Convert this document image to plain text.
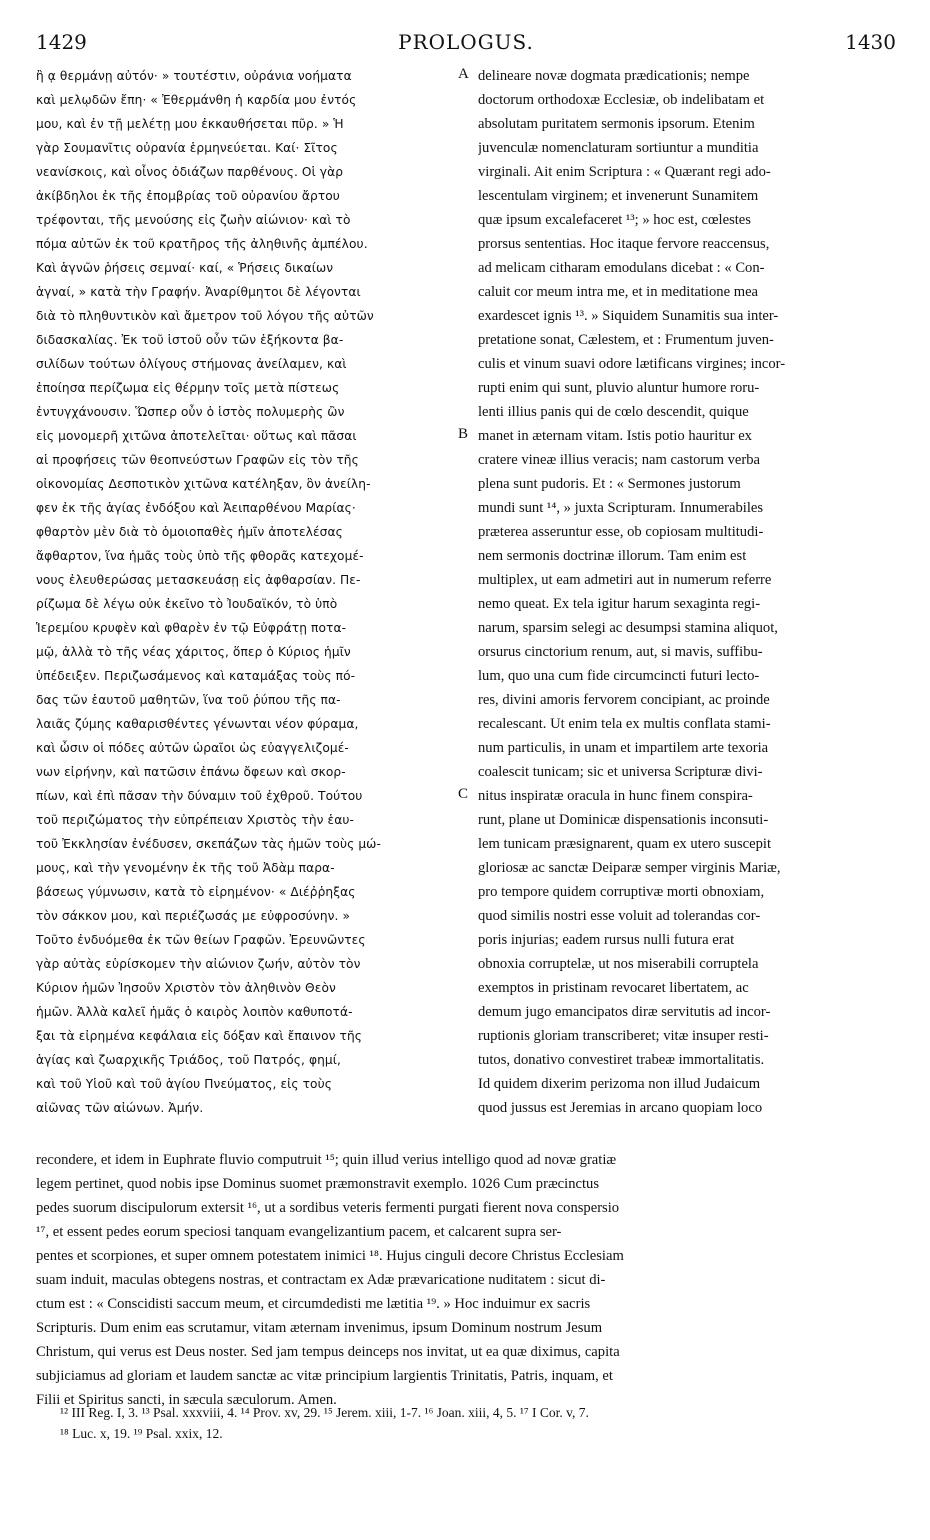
1429	PROLOGUS.	1430
ἢ ᾳ θερμάνῃ αὐτόν· » τουτέστιν, οὐράνια νοήματα
καὶ μελῳδῶν ἔπη· « Ἐθερμάνθη ἡ καρδία μου ἐντός
μου, καὶ ἐν τῇ μελέτῃ μου ἐκκαυθήσεται πῦρ. » Ἡ
γὰρ Σουμανῖτις οὐρανία ἑρμηνεύεται. Καί· Σῖτος
νεανίσκοις, καὶ οἶνος ὀδιάζων παρθένους. Οἱ γὰρ
ἀκίβδηλοι ἐκ τῆς ἐπομβρίας τοῦ οὐρανίου ἄρτου
τρέφονται, τῆς μενούσης εἰς ζωὴν αἰώνιον· καὶ τὸ
πόμα αὐτῶν ἐκ τοῦ κρατῆρος τῆς ἀληθινῆς ἀμπέλου.
Καὶ ἁγνῶν ῥήσεις σεμναί· καί, « Ῥήσεις δικαίων
ἁγναί, » κατὰ τὴν Γραφήν. Ἀναρίθμητοι δὲ λέγονται
διὰ τὸ πληθυντικὸν καὶ ἄμετρον τοῦ λόγου τῆς αὐτῶν
διδασκαλίας. Ἐκ τοῦ ἱστοῦ οὖν τῶν ἑξήκοντα βα-
σιλίδων τούτων ὀλίγους στήμονας ἀνείλαμεν, καὶ
ἐποίησα περίζωμα εἰς θέρμην τοῖς μετὰ πίστεως
ἐντυγχάνουσιν. Ὥσπερ οὖν ὁ ἱστὸς πολυμερὴς ὢν
εἰς μονομερῆ χιτῶνα ἀποτελεῖται· οὕτως καὶ πᾶσαι
αἱ προφήσεις τῶν θεοπνεύστων Γραφῶν εἰς τὸν τῆς
οἰκονομίας Δεσποτικὸν χιτῶνα κατέληξαν, ὃν ἀνείλη-
φεν ἐκ τῆς ἁγίας ἐνδόξου καὶ Ἀειπαρθένου Μαρίας·
φθαρτὸν μὲν διὰ τὸ ὁμοιοπαθὲς ἡμῖν ἀποτελέσας
ἄφθαρτον, ἵνα ἡμᾶς τοὺς ὑπὸ τῆς φθορᾶς κατεχομέ-
νους ἐλευθερώσας μετασκευάσῃ εἰς ἀφθαρσίαν. Πε-
ρίζωμα δὲ λέγω οὐκ ἐκεῖνο τὸ Ἰουδαϊκόν, τὸ ὑπὸ
Ἱερεμίου κρυφὲν καὶ φθαρὲν ἐν τῷ Εὐφράτῃ ποτα-
μῷ, ἀλλὰ τὸ τῆς νέας χάριτος, ὅπερ ὁ Κύριος ἡμῖν
ὑπέδειξεν. Περιζωσάμενος καὶ καταμάξας τοὺς πό-
δας τῶν ἑαυτοῦ μαθητῶν, ἵνα τοῦ ῥύπου τῆς πα-
λαιᾶς ζύμης καθαρισθέντες γένωνται νέον φύραμα,
καὶ ὦσιν οἱ πόδες αὐτῶν ὡραῖοι ὡς εὐαγγελιζομέ-
νων εἰρήνην, καὶ πατῶσιν ἐπάνω ὄφεων καὶ σκορ-
πίων, καὶ ἐπὶ πᾶσαν τὴν δύναμιν τοῦ ἐχθροῦ. Τούτου
τοῦ περιζώματος τὴν εὐπρέπειαν Χριστὸς τὴν ἑαυ-
τοῦ Ἐκκλησίαν ἐνέδυσεν, σκεπάζων τὰς ἡμῶν τοὺς μώ-
μους, καὶ τὴν γενομένην ἐκ τῆς τοῦ Ἀδὰμ παρα-
βάσεως γύμνωσιν, κατὰ τὸ εἰρημένον· « Διέῤῥηξας
τὸν σάκκον μου, καὶ περιέζωσάς με εὐφροσύνην. »
Τοῦτο ἐνδυόμεθα ἐκ τῶν θείων Γραφῶν. Ἐρευνῶντες
γὰρ αὐτὰς εὑρίσκομεν τὴν αἰώνιον ζωήν, αὐτὸν τὸν
Κύριον ἡμῶν Ἰησοῦν Χριστὸν τὸν ἀληθινὸν Θεὸν
ἡμῶν. Ἀλλὰ καλεῖ ἡμᾶς ὁ καιρὸς λοιπὸν καθυποτά-
ξαι τὰ εἰρημένα κεφάλαια εἰς δόξαν καὶ ἔπαινον τῆς
ἁγίας καὶ ζωαρχικῆς Τριάδος, τοῦ Πατρός, φημί,
καὶ τοῦ Υἱοῦ καὶ τοῦ ἁγίου Πνεύματος, εἰς τοὺς
αἰῶνας τῶν αἰώνων. Ἀμήν.
delineare novæ dogmata prædicationis; nempe
doctorum orthodoxæ Ecclesiæ, ob indelibatam et
absolutam puritatem sermonis ipsorum. Etenim
juvenculæ nomenclaturam sortiuntur a munditia
virginali. Ait enim Scriptura : « Quærant regi ado-
lescentulam virginem; et invenerunt Sunamitem
quæ ipsum excalefaceret ¹³; » hoc est, cœlestes
prorsus sententias. Hoc itaque fervore reaccensus,
ad melicam citharam emodulans dicebat : « Con-
caluit cor meum intra me, et in meditatione mea
exardescet ignis ¹³. » Siquidem Sunamitis sua inter-
pretatione sonat, Cælestem, et : Frumentum juven-
culis et vinum suavi odore lætificans virgines; incor-
rupti enim qui sunt, pluvio aluntur humore roru-
lenti illius panis qui de cœlo descendit, quique
manet in æternam vitam. Istis potio hauritur ex
cratere vineæ illius veracis; nam castorum verba
plena sunt pudoris. Et : « Sermones justorum
mundi sunt ¹⁴, » juxta Scripturam. Innumerabiles
præterea asseruntur esse, ob copiosam multitudi-
nem sermonis doctrinæ illorum. Tam enim est
multiplex, ut eam admetiri aut in numerum referre
nemo queat. Ex tela igitur harum sexaginta regi-
narum, sparsim selegi ac desumpsi stamina aliquot,
orsurus cinctorium renum, aut, si mavis, suffibu-
lum, quo una cum fide circumcincti futuri lecto-
res, divini amoris fervorem concipiant, ac proinde
recalescant. Ut enim tela ex multis conflata stami-
num particulis, in unam et impartilem arte texoria
coalescit tunicam; sic et universa Scripturæ divi-
nitus inspiratæ oracula in hunc finem conspira-
runt, plane ut Dominicæ dispensationis inconsuti-
lem tunicam præsignarent, quam ex utero suscepit
gloriosæ ac sanctæ Deiparæ semper virginis Mariæ,
pro tempore quidem corruptivæ morti obnoxiam,
quod similis nostri esse voluit ad tolerandas cor-
poris injurias; eadem rursus nulli futura erat
obnoxia corruptelæ, ut nos miserabili corruptela
exemptos in pristinam revocaret libertatem, ac
demum jugo emancipatos diræ servitutis ad incor-
ruptionis gloriam transcriberet; vitæ insuper resti-
tutos, donativo convestiret trabeæ immortalitatis.
Id quidem dixerim perizoma non illud Judaicum
quod jussus est Jeremias in arcano quopiam loco
A
B
C
recondere, et idem in Euphrate fluvio computruit ¹⁵; quin illud verius intelligo quod ad novæ gratiæ
legem pertinet, quod nobis ipse Dominus suomet præmonstravit exemplo. 1026 Cum præcinctus
pedes suorum discipulorum extersit ¹⁶, ut a sordibus veteris fermenti purgati fierent nova conspersio
¹⁷, et essent pedes eorum speciosi tanquam evangelizantium pacem, et calcarent supra ser-
pentes et scorpiones, et super omnem potestatem inimici ¹⁸. Hujus cinguli decore Christus Ecclesiam
suam induit, maculas obtegens nostras, et contractam ex Adæ prævaricatione nuditatem : sicut di-
ctum est : « Conscidisti saccum meum, et circumdedisti me lætitia ¹⁹. » Hoc induimur ex sacris
Scripturis. Dum enim eas scrutamur, vitam æternam invenimus, ipsum Dominum nostrum Jesum
Christum, qui verus est Deus noster. Sed jam tempus deinceps nos invitat, ut ea quæ diximus, capita
subjiciamus ad gloriam et laudem sanctæ ac vitæ principium largientis Trinitatis, Patris, inquam, et
Filii et Spiritus sancti, in sæcula sæculorum. Amen.
¹² III Reg. I, 3. ¹³ Psal. xxxviii, 4. ¹⁴ Prov. xv, 29. ¹⁵ Jerem. xiii, 1-7. ¹⁶ Joan. xiii, 4, 5. ¹⁷ I Cor. v, 7.
¹⁸ Luc. x, 19. ¹⁹ Psal. xxix, 12.
